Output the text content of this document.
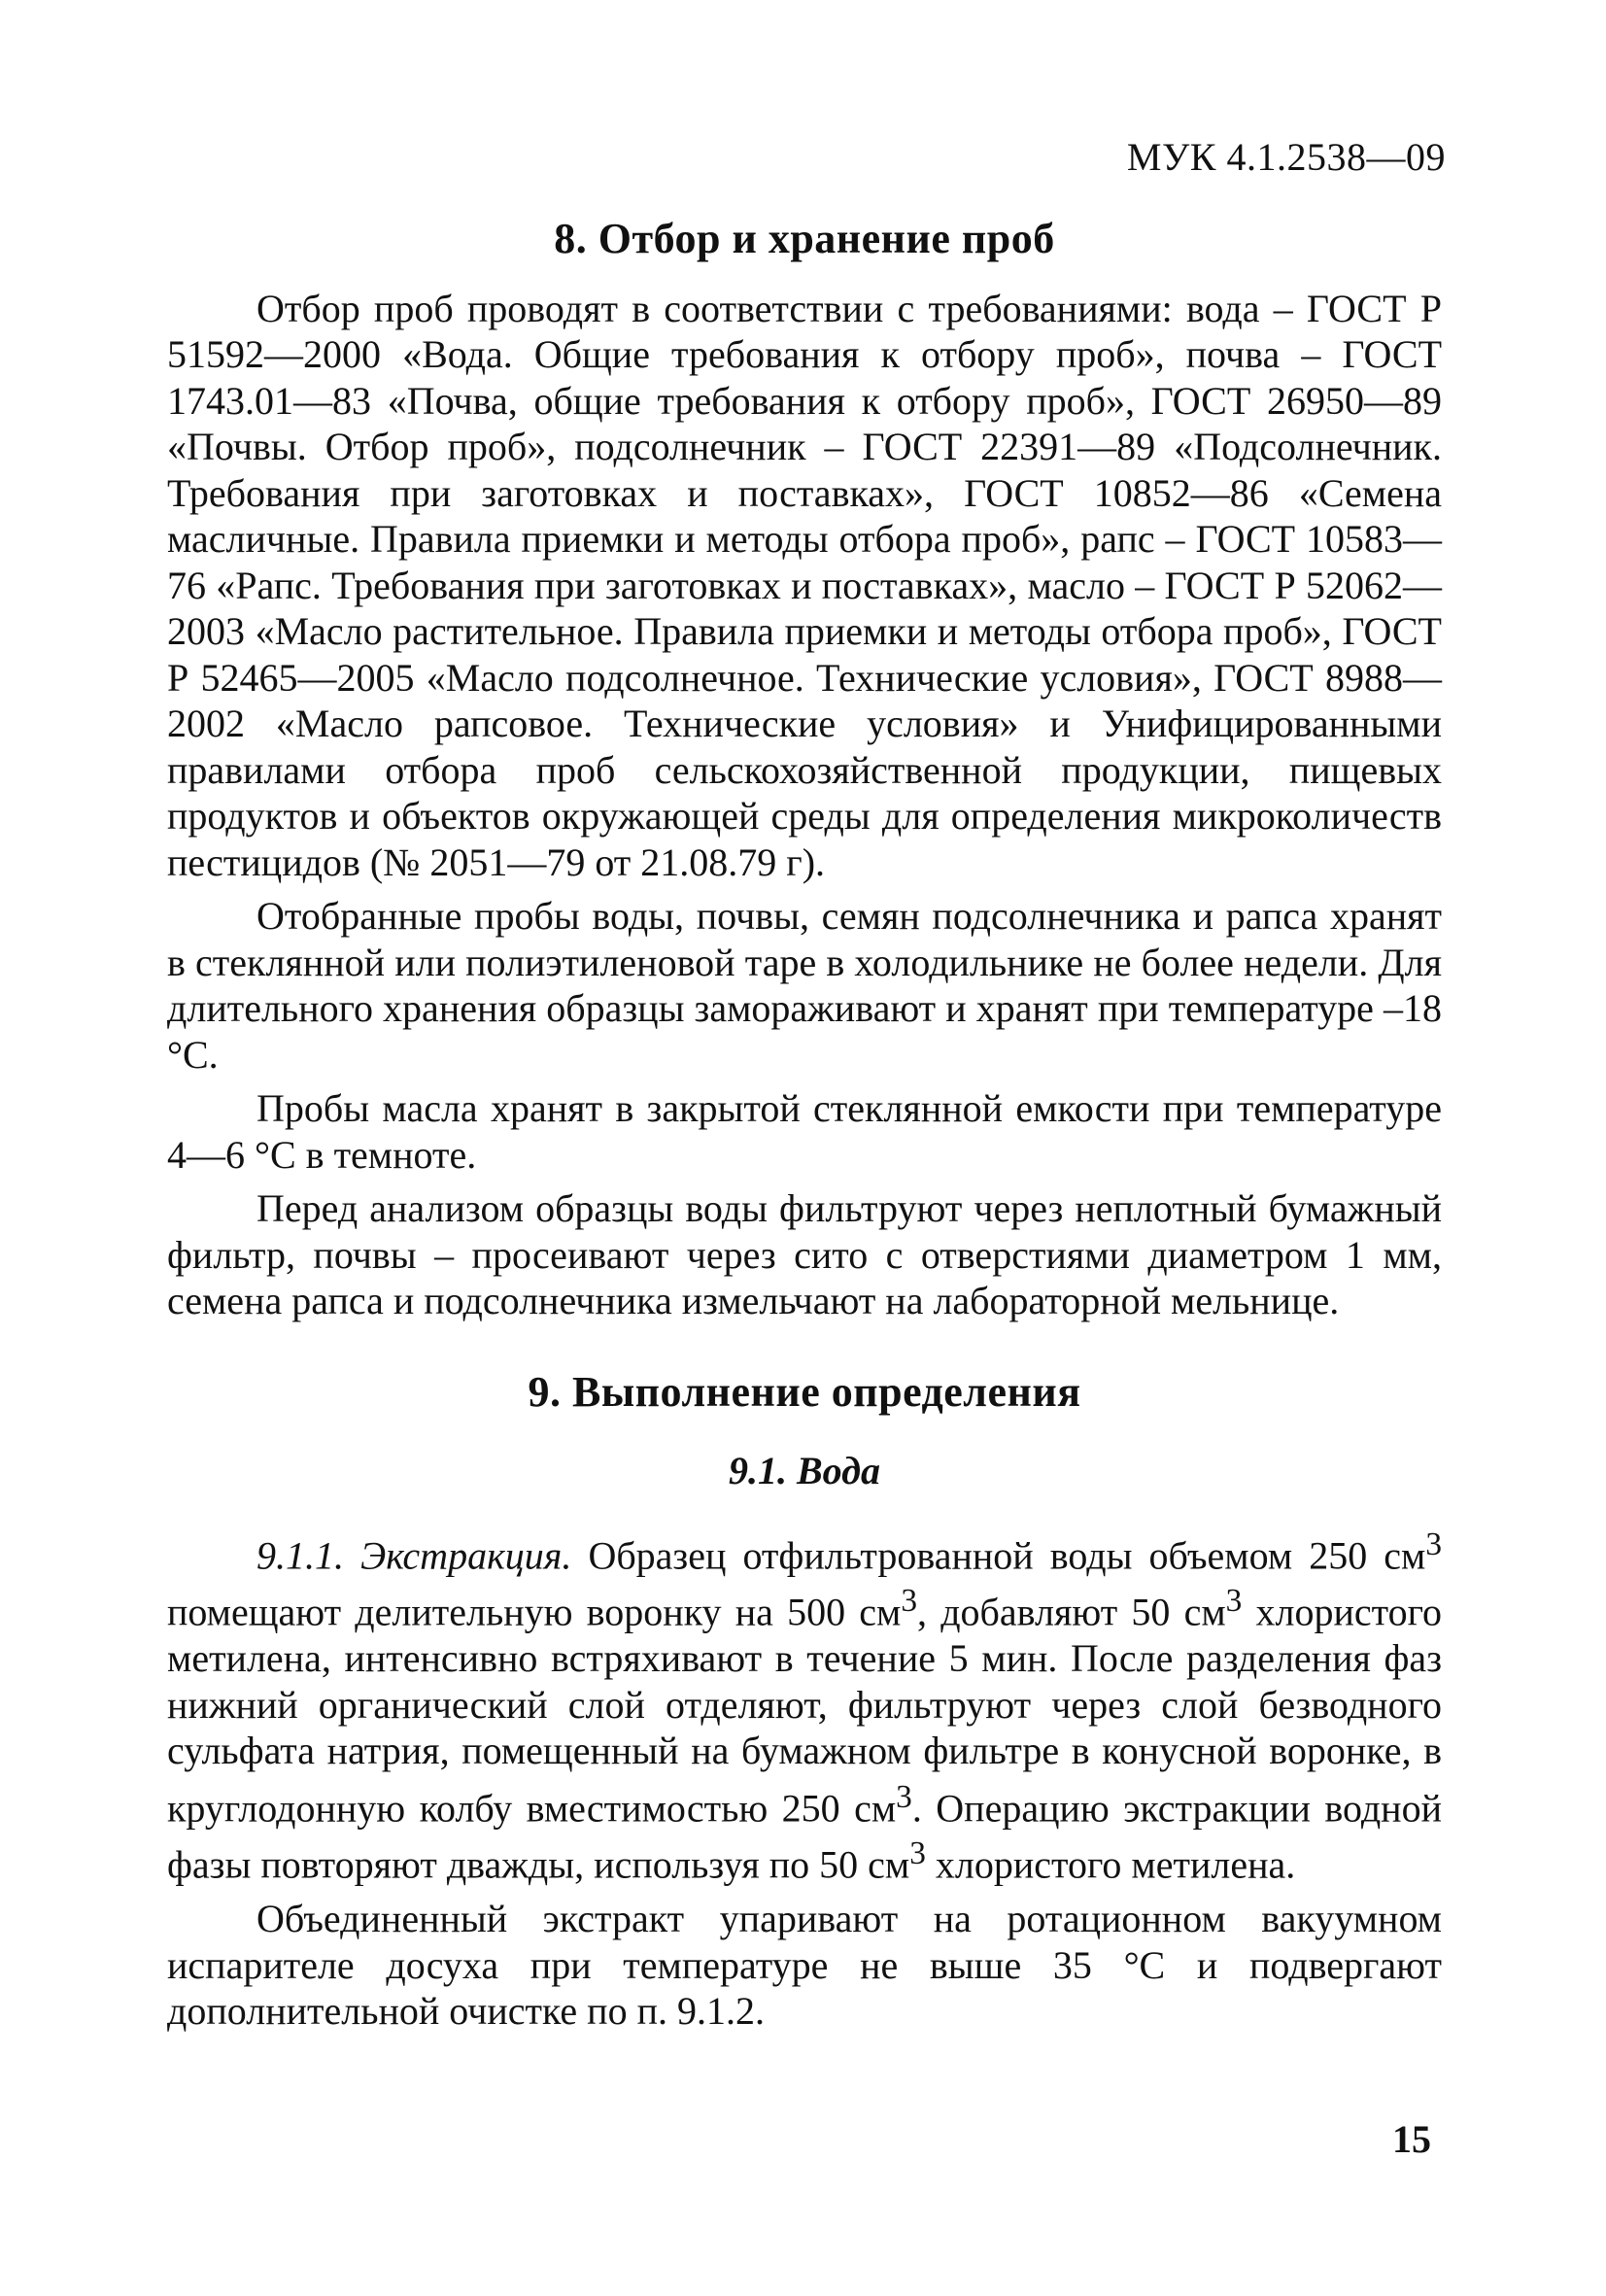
МУК 4.1.2538—09
8. Отбор и хранение проб

Отбор проб проводят в соответствии с требованиями: вода – ГОСТ Р 51592—2000 «Вода. Общие требования к отбору проб», почва – ГОСТ 1743.01—83 «Почва, общие требования к отбору проб», ГОСТ 26950—89 «Почвы. Отбор проб», подсолнечник – ГОСТ 22391—89 «Подсолнечник. Требования при заготовках и поставках», ГОСТ 10852—86 «Семена масличные. Правила приемки и методы отбора проб», рапс – ГОСТ 10583—76 «Рапс. Требования при заготовках и поставках», масло – ГОСТ Р 52062—2003 «Масло растительное. Правила приемки и методы отбора проб», ГОСТ Р 52465—2005 «Масло подсолнечное. Технические условия», ГОСТ 8988—2002 «Масло рапсовое. Технические условия» и Унифицированными правилами отбора проб сельскохозяйственной продукции, пищевых продуктов и объектов окружающей среды для определения микроколичеств пестицидов (№ 2051—79 от 21.08.79 г).

Отобранные пробы воды, почвы, семян подсолнечника и рапса хранят в стеклянной или полиэтиленовой таре в холодильнике не более недели. Для длительного хранения образцы замораживают и хранят при температуре –18 °С.

Пробы масла хранят в закрытой стеклянной емкости при температуре 4—6 °С в темноте.

Перед анализом образцы воды фильтруют через неплотный бумажный фильтр, почвы – просеивают через сито с отверстиями диаметром 1 мм, семена рапса и подсолнечника измельчают на лабораторной мельнице.

9. Выполнение определения
9.1. Вода

9.1.1. Экстракция. Образец отфильтрованной воды объемом 250 $см^3$ помещают делительную воронку на 500 $см^3$, добавляют 50 $см^3$ хлористого метилена, интенсивно встряхивают в течение 5 мин. После разделения фаз нижний органический слой отделяют, фильтруют через слой безводного сульфата натрия, помещенный на бумажном фильтре в конусной воронке, в круглодонную колбу вместимостью 250 $см^3$. Операцию экстракции водной фазы повторяют дважды, используя по 50 $см^3$ хлористого метилена.

Объединенный экстракт упаривают на ротационном вакуумном испарителе досуха при температуре не выше 35 °С и подвергают дополнительной очистке по п. 9.1.2.

15
